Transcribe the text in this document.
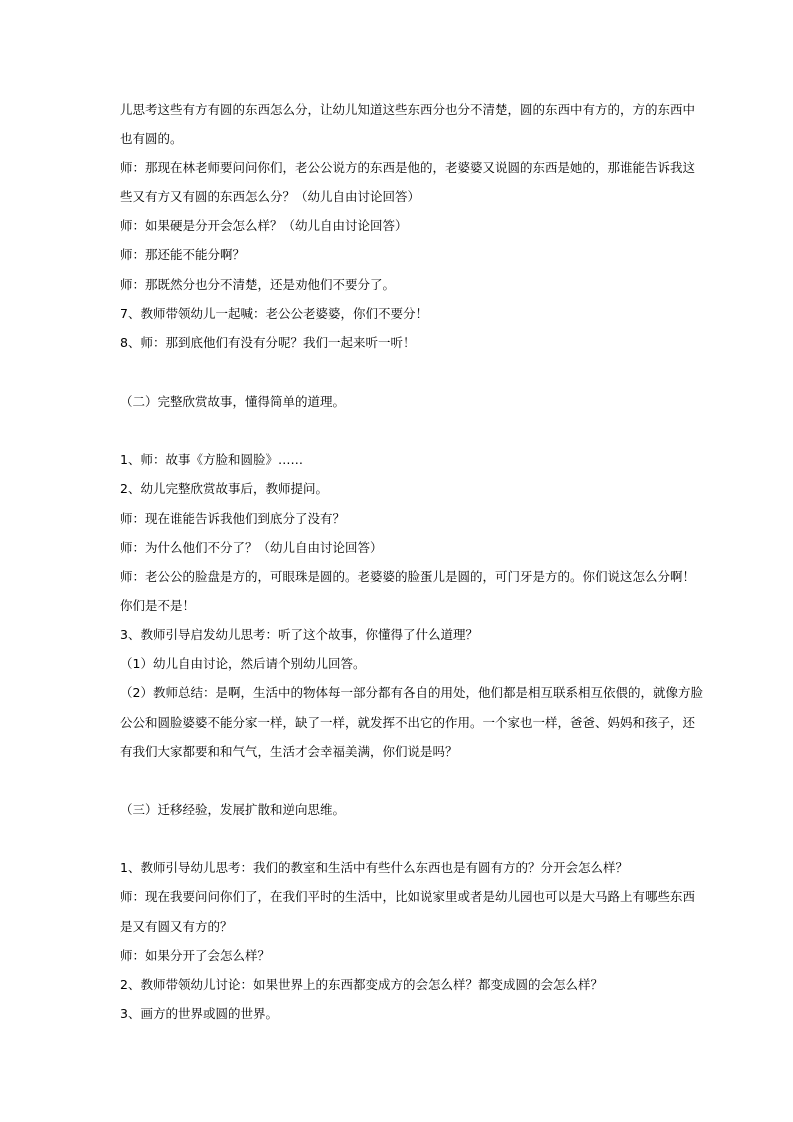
儿思考这些有方有圆的东西怎么分，让幼儿知道这些东西分也分不清楚，圆的东西中有方的，方的东西中
也有圆的。
师：那现在林老师要问问你们，老公公说方的东西是他的，老婆婆又说圆的东西是她的，那谁能告诉我这
些又有方又有圆的东西怎么分？（幼儿自由讨论回答）
师：如果硬是分开会怎么样？（幼儿自由讨论回答）
师：那还能不能分啊？
师：那既然分也分不清楚，还是劝他们不要分了。
7、教师带领幼儿一起喊：老公公老婆婆，你们不要分！
8、师：那到底他们有没有分呢？我们一起来听一听！
（二）完整欣赏故事，懂得简单的道理。
1、师：故事《方脸和圆脸》……
2、幼儿完整欣赏故事后，教师提问。
师：现在谁能告诉我他们到底分了没有？
师：为什么他们不分了？（幼儿自由讨论回答）
师：老公公的脸盘是方的，可眼珠是圆的。老婆婆的脸蛋儿是圆的，可门牙是方的。你们说这怎么分啊！
你们是不是！
3、教师引导启发幼儿思考：听了这个故事，你懂得了什么道理？
（1）幼儿自由讨论，然后请个别幼儿回答。
（2）教师总结：是啊，生活中的物体每一部分都有各自的用处，他们都是相互联系相互依偎的，就像方脸
公公和圆脸婆婆不能分家一样，缺了一样，就发挥不出它的作用。一个家也一样，爸爸、妈妈和孩子，还
有我们大家都要和和气气，生活才会幸福美满，你们说是吗？
（三）迁移经验，发展扩散和逆向思维。
1、教师引导幼儿思考：我们的教室和生活中有些什么东西也是有圆有方的？分开会怎么样？
师：现在我要问问你们了，在我们平时的生活中，比如说家里或者是幼儿园也可以是大马路上有哪些东西
是又有圆又有方的？
师：如果分开了会怎么样？
2、教师带领幼儿讨论：如果世界上的东西都变成方的会怎么样？都变成圆的会怎么样？
3、画方的世界或圆的世界。
